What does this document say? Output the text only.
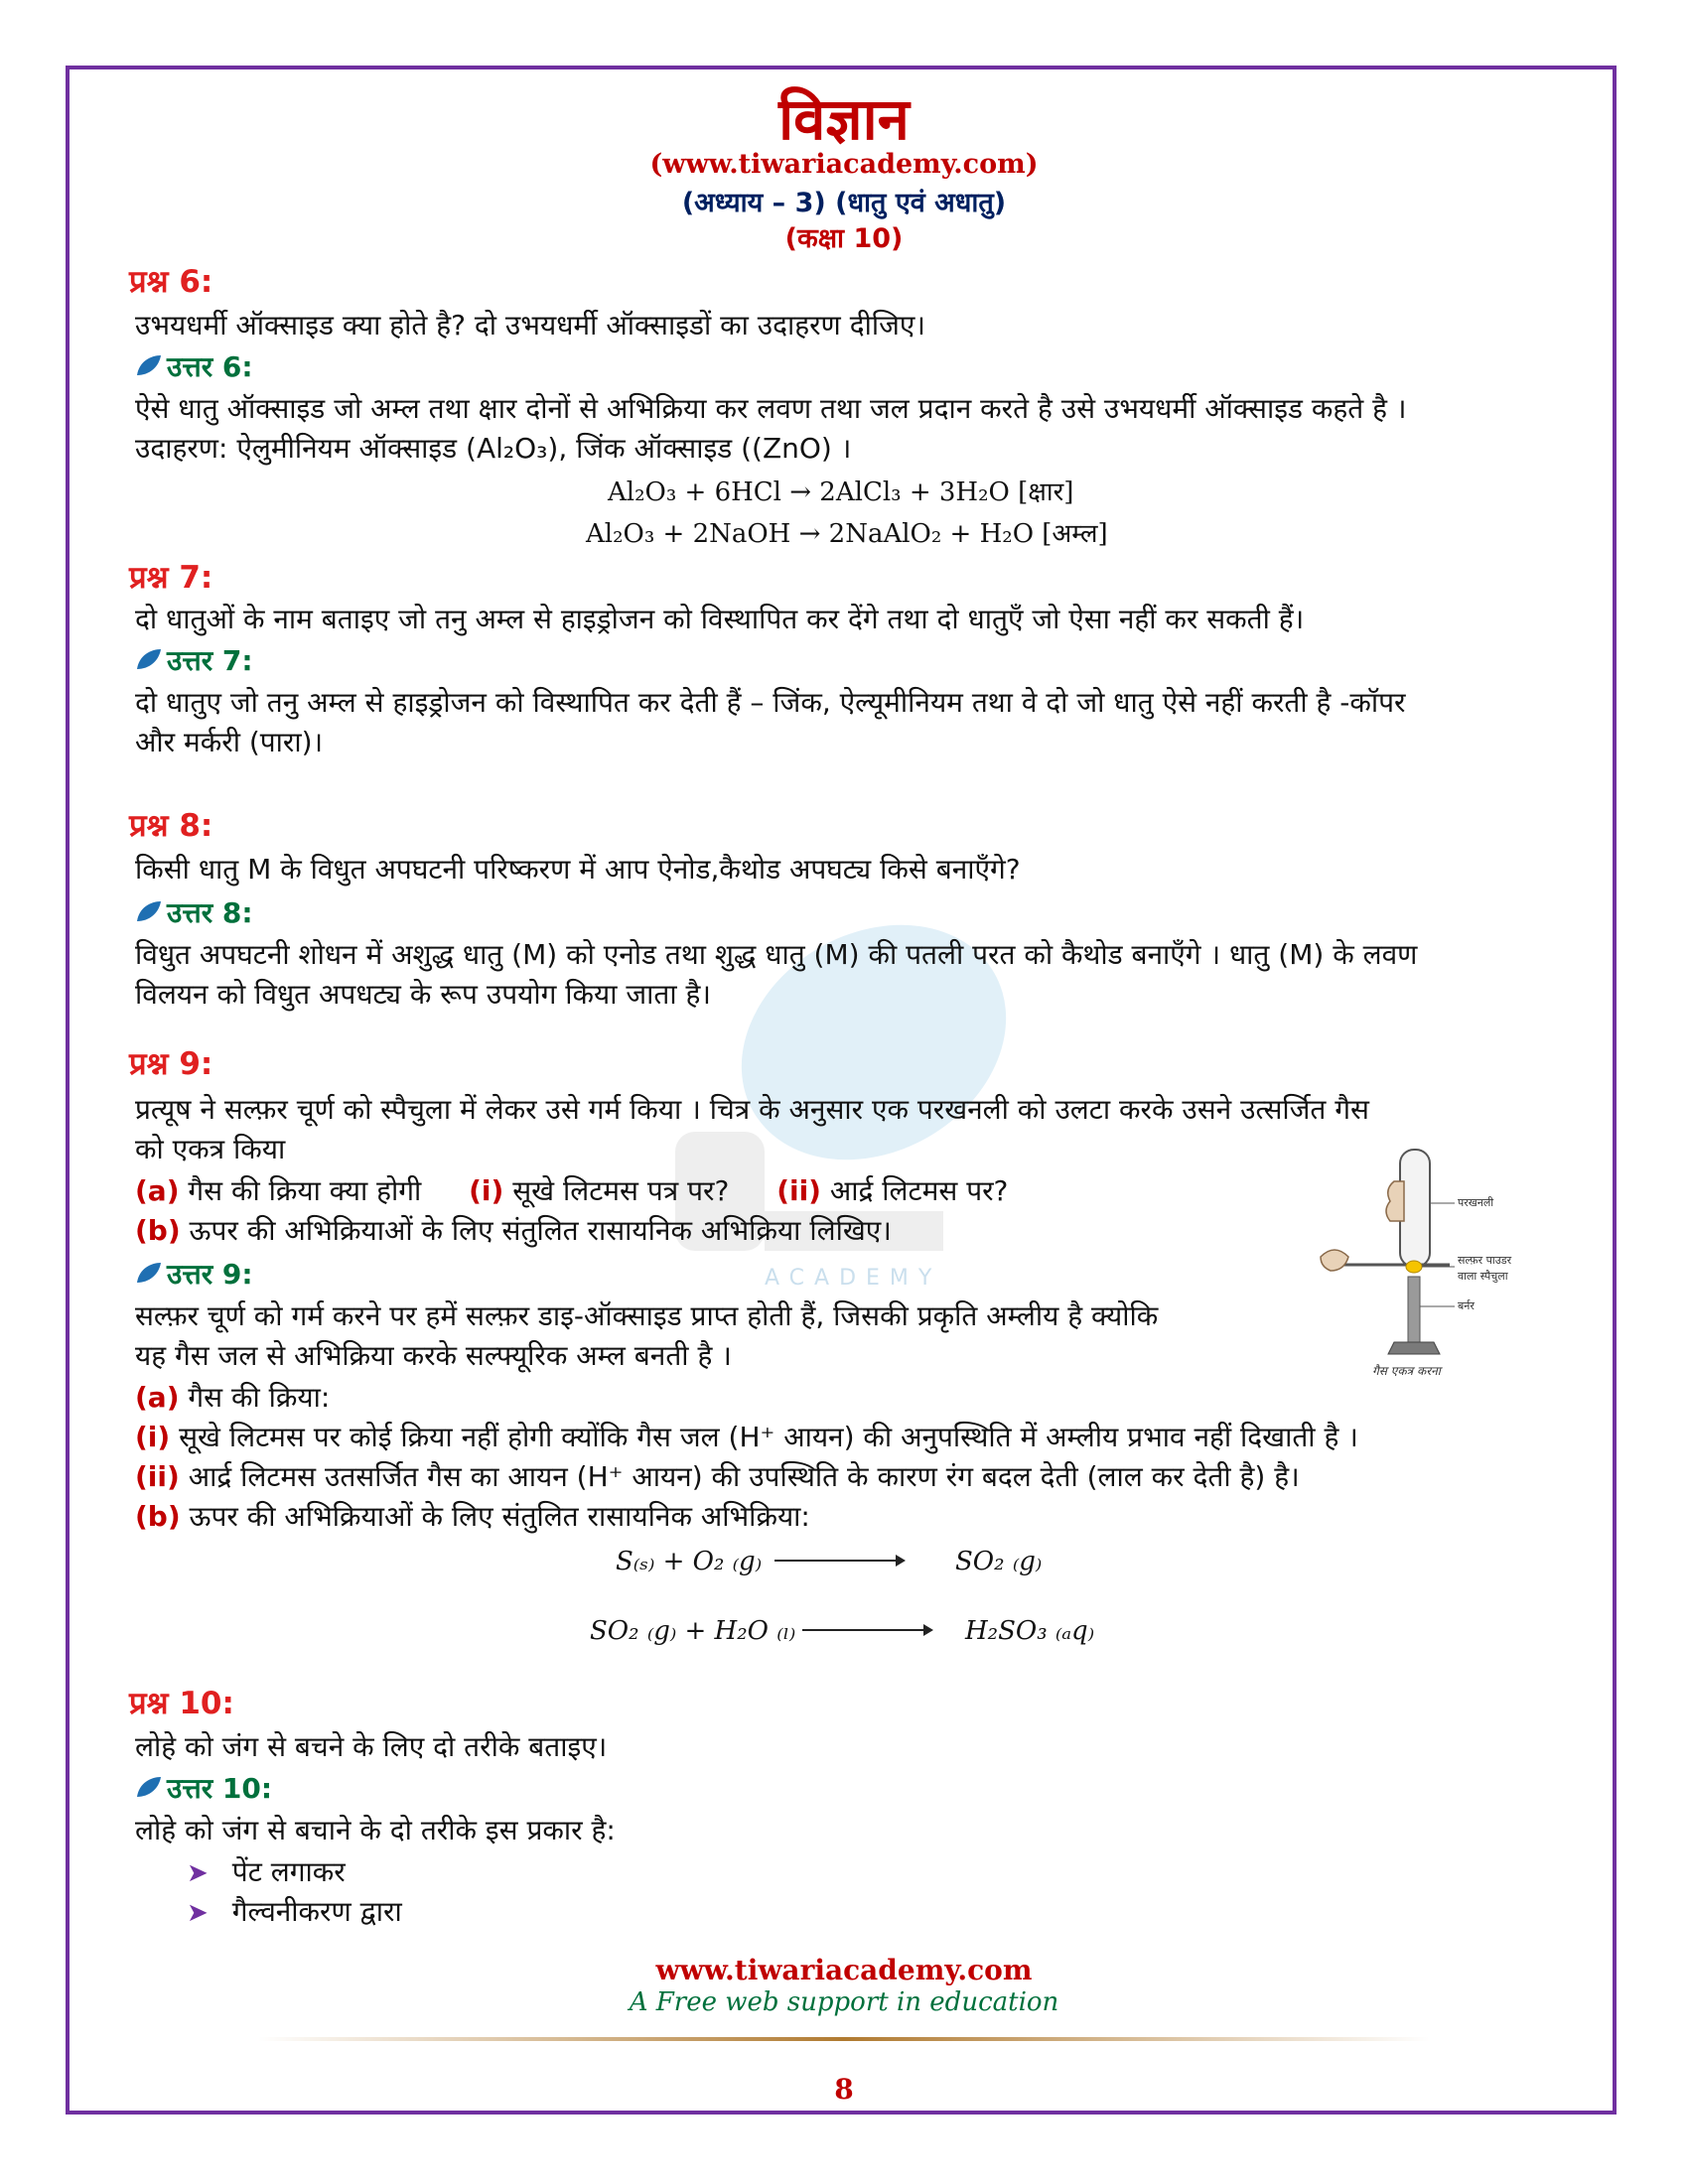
ACADEMY
विज्ञान
(www.tiwariacademy.com)
(अध्याय – 3) (धातु एवं अधातु)
(कक्षा 10)
प्रश्न 6:
उभयधर्मी ऑक्साइड क्या होते है? दो उभयधर्मी ऑक्साइडों का उदाहरण दीजिए।
उत्तर 6:
ऐसे धातु ऑक्साइड जो अम्ल तथा क्षार दोनों से अभिक्रिया कर लवण तथा जल प्रदान करते है उसे उभयधर्मी ऑक्साइड कहते है ।
उदाहरण: ऐलुमीनियम ऑक्साइड (Al₂O₃), जिंक ऑक्साइड ((ZnO) ।
Al₂O₃ + 6HCl → 2AlCl₃ + 3H₂O [क्षार]
Al₂O₃ + 2NaOH → 2NaAlO₂ + H₂O [अम्ल]
प्रश्न 7:
दो धातुओं के नाम बताइए जो तनु अम्ल से हाइड्रोजन को विस्थापित कर देंगे तथा दो धातुएँ जो ऐसा नहीं कर सकती हैं।
उत्तर 7:
दो धातुए जो तनु अम्ल से हाइड्रोजन को विस्थापित कर देती हैं – जिंक, ऐल्यूमीनियम तथा वे दो जो धातु ऐसे नहीं करती है -कॉपर
और मर्करी (पारा)।
प्रश्न 8:
किसी धातु M के विधुत अपघटनी परिष्करण में आप ऐनोड,कैथोड अपघट्य किसे बनाएँगे?
उत्तर 8:
विधुत अपघटनी शोधन में अशुद्ध धातु (M) को एनोड तथा शुद्ध धातु (M) की पतली परत को कैथोड बनाएँगे । धातु (M) के लवण
विलयन को विधुत अपधट्य के रूप उपयोग किया जाता है।
प्रश्न 9:
प्रत्यूष ने सल्फ़र चूर्ण को स्पैचुला में लेकर उसे गर्म किया । चित्र के अनुसार एक परखनली को उलटा करके उसने उत्सर्जित गैस
को एकत्र किया
(a) गैस की क्रिया क्या होगी (i) सूखे लिटमस पत्र पर? (ii) आर्द्र लिटमस पर?
(b) ऊपर की अभिक्रियाओं के लिए संतुलित रासायनिक अभिक्रिया लिखिए।
उत्तर 9:
सल्फ़र चूर्ण को गर्म करने पर हमें सल्फ़र डाइ-ऑक्साइड प्राप्त होती हैं, जिसकी प्रकृति अम्लीय है क्योकि
यह गैस जल से अभिक्रिया करके सल्फ्यूरिक अम्ल बनती है ।
(a) गैस की क्रिया:
(i) सूखे लिटमस पर कोई क्रिया नहीं होगी क्योंकि गैस जल (H⁺ आयन) की अनुपस्थिति में अम्लीय प्रभाव नहीं दिखाती है ।
(ii) आर्द्र लिटमस उतसर्जित गैस का आयन (H⁺ आयन) की उपस्थिति के कारण रंग बदल देती (लाल कर देती है) है।
(b) ऊपर की अभिक्रियाओं के लिए संतुलित रासायनिक अभिक्रिया:
S₍ₛ₎ + O₂ ₍g₎	SO₂ ₍g₎
SO₂ ₍g₎ + H₂O ₍ₗ₎	H₂SO₃ ₍ₐq₎
परखनली
सल्फ़र पाउडर
वाला स्पैचुला
बर्नर
गैस एकत्र करना
प्रश्न 10:
लोहे को जंग से बचने के लिए दो तरीके बताइए।
उत्तर 10:
लोहे को जंग से बचाने के दो तरीके इस प्रकार है:
➤ पेंट लगाकर
➤ गैल्वनीकरण द्वारा
www.tiwariacademy.com
A Free web support in education
8
